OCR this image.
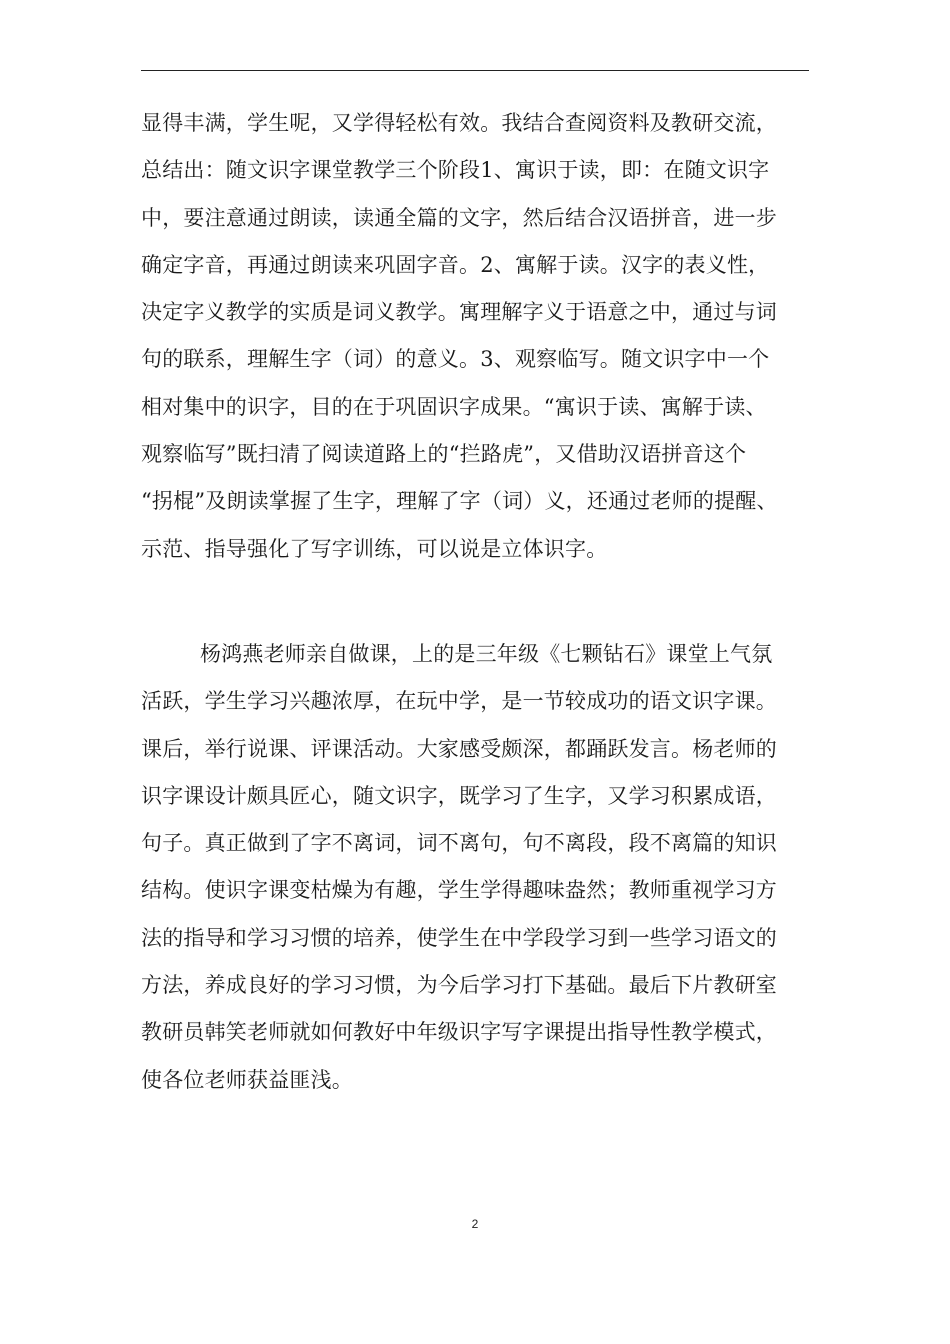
显得丰满，学生呢，又学得轻松有效。我结合查阅资料及教研交流，
总结出：随文识字课堂教学三个阶段1、寓识于读，即：在随文识字
中，要注意通过朗读，读通全篇的文字，然后结合汉语拼音，进一步
确定字音，再通过朗读来巩固字音。2、寓解于读。汉字的表义性，
决定字义教学的实质是词义教学。寓理解字义于语意之中，通过与词
句的联系，理解生字（词）的意义。3、观察临写。随文识字中一个
相对集中的识字，目的在于巩固识字成果。“寓识于读、寓解于读、
观察临写”既扫清了阅读道路上的“拦路虎”，又借助汉语拼音这个
“拐棍”及朗读掌握了生字，理解了字（词）义，还通过老师的提醒、
示范、指导强化了写字训练，可以说是立体识字。
杨鸿燕老师亲自做课，上的是三年级《七颗钻石》课堂上气氛
活跃，学生学习兴趣浓厚，在玩中学，是一节较成功的语文识字课。
课后，举行说课、评课活动。大家感受颇深，都踊跃发言。杨老师的
识字课设计颇具匠心，随文识字，既学习了生字，又学习积累成语，
句子。真正做到了字不离词，词不离句，句不离段，段不离篇的知识
结构。使识字课变枯燥为有趣，学生学得趣味盎然；教师重视学习方
法的指导和学习习惯的培养，使学生在中学段学习到一些学习语文的
方法，养成良好的学习习惯，为今后学习打下基础。最后下片教研室
教研员韩笑老师就如何教好中年级识字写字课提出指导性教学模式，
使各位老师获益匪浅。
2
